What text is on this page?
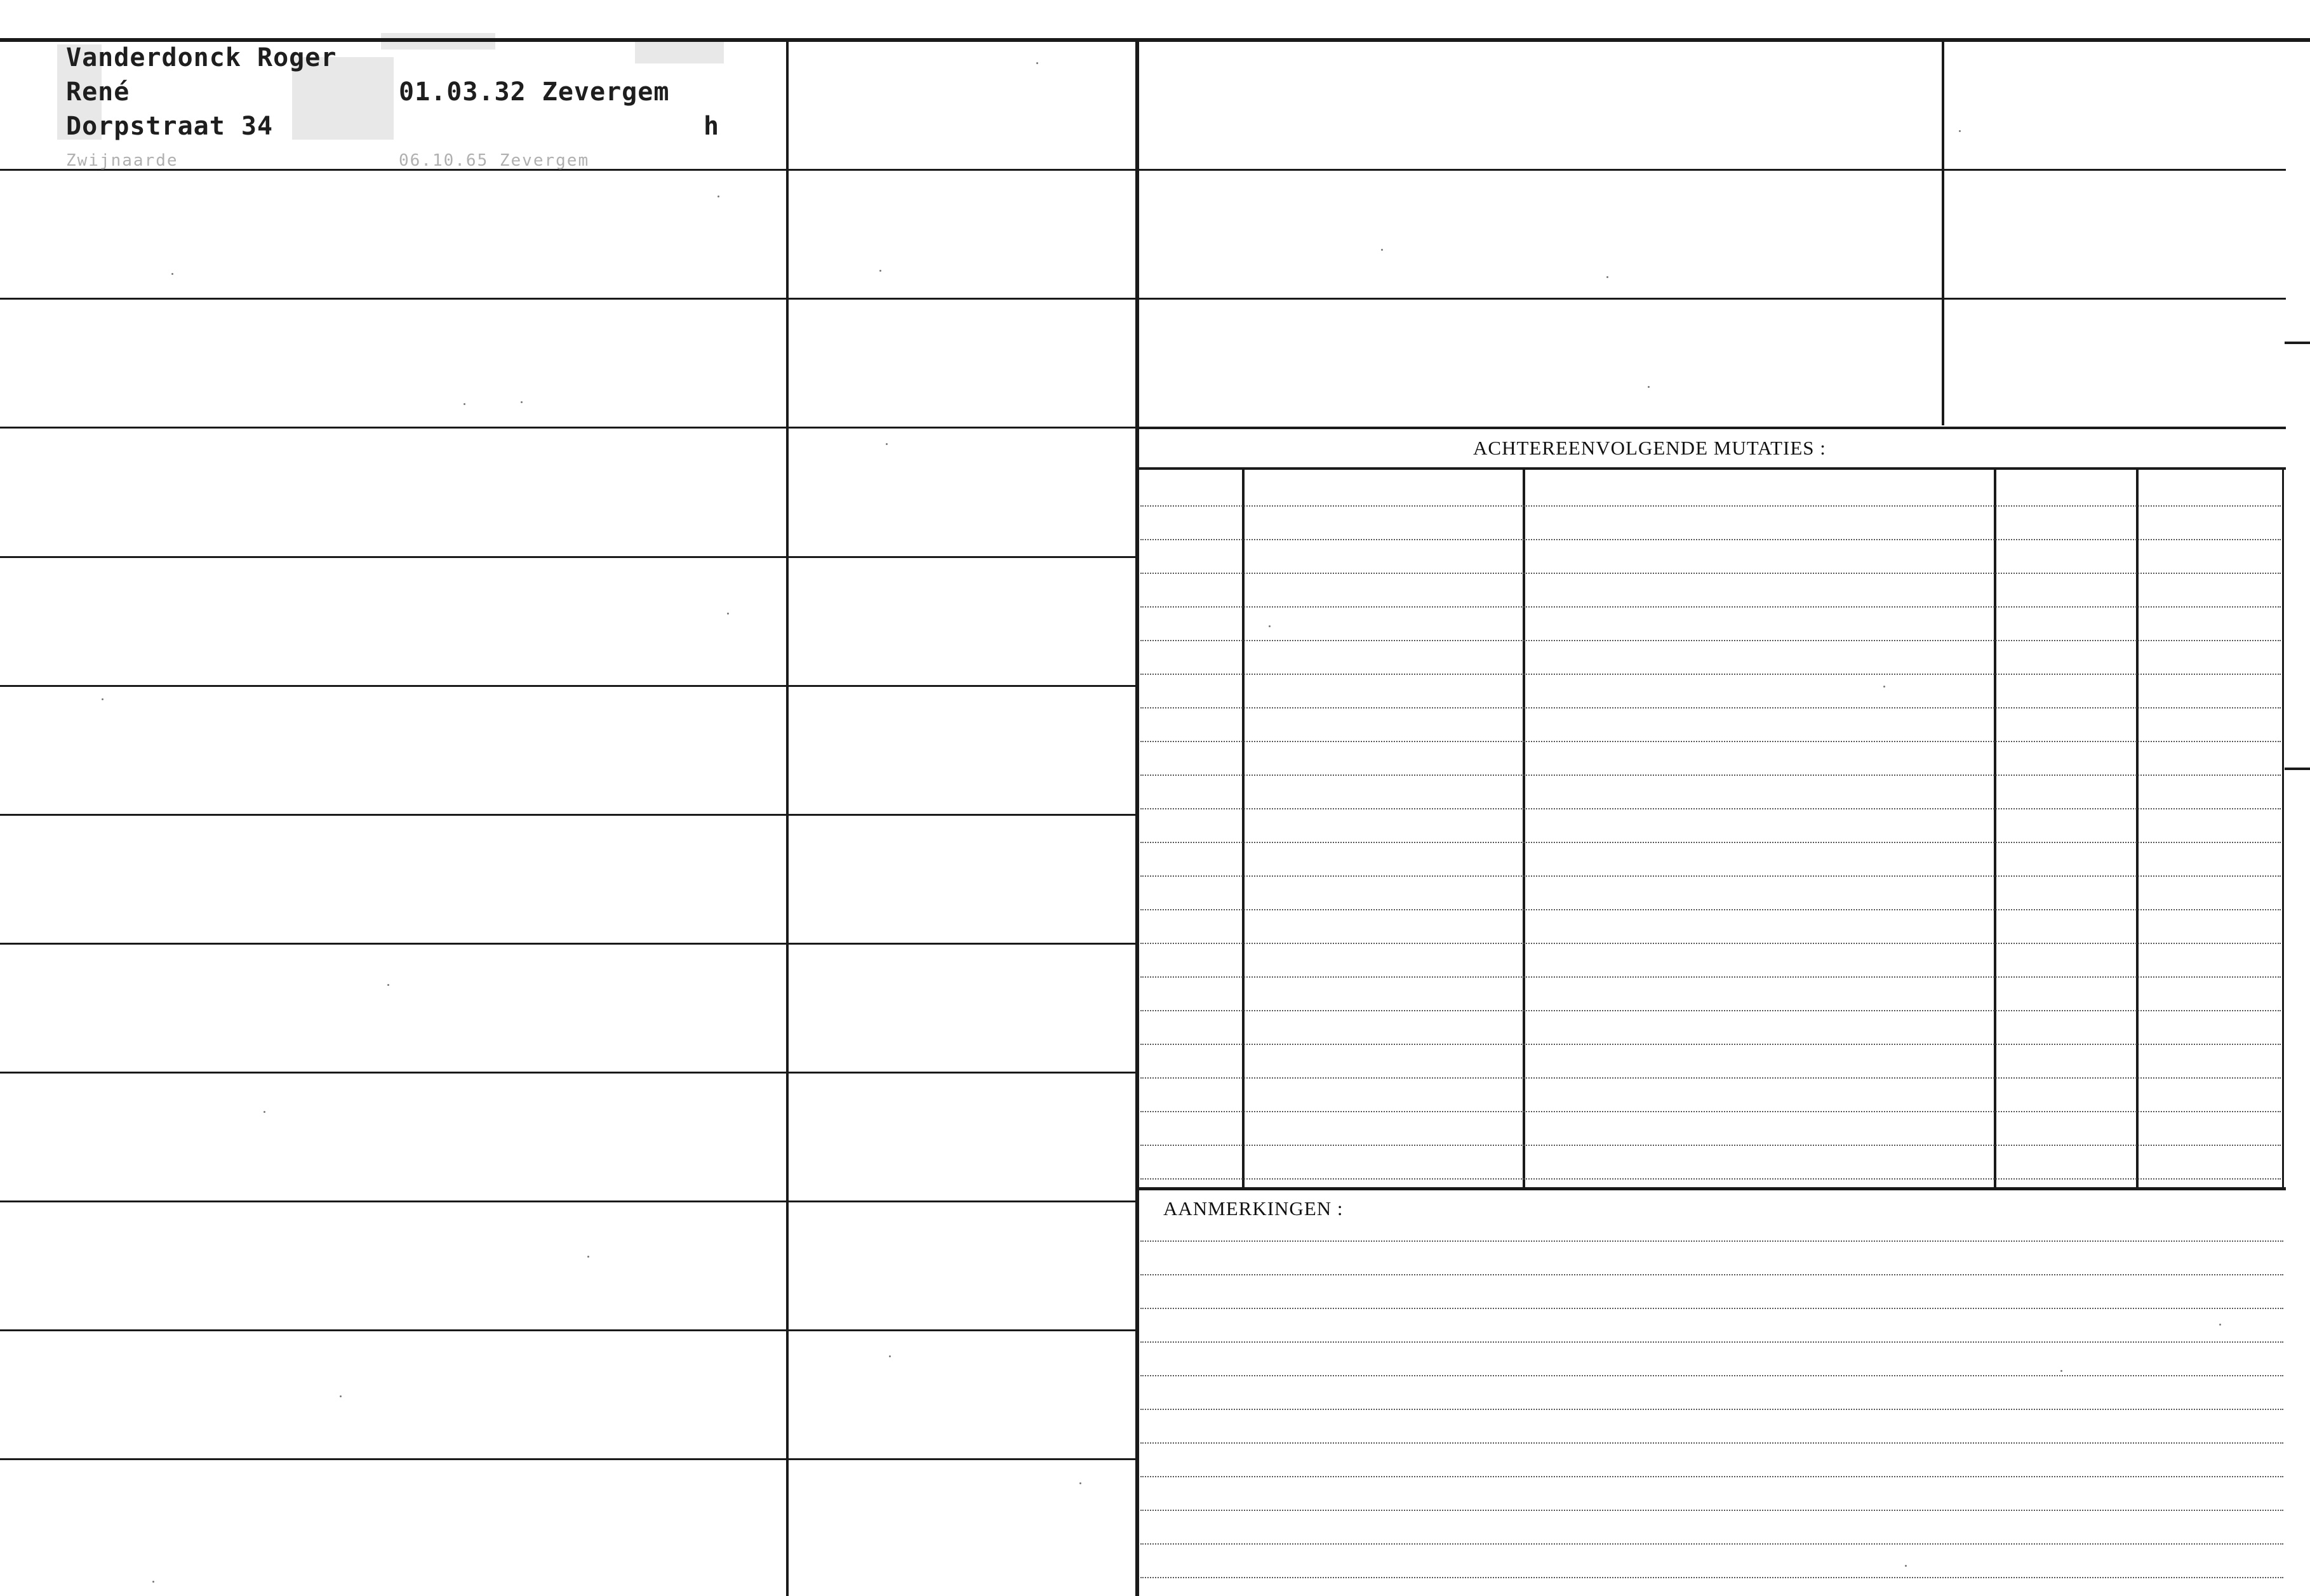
ACHTEREENVOLGENDE MUTATIES :
AANMERKINGEN :
Vanderdonck Roger
René	01.03.32 Zevergem
Dorpstraat 34	h
Zwijnaarde	06.10.65 Zevergem
